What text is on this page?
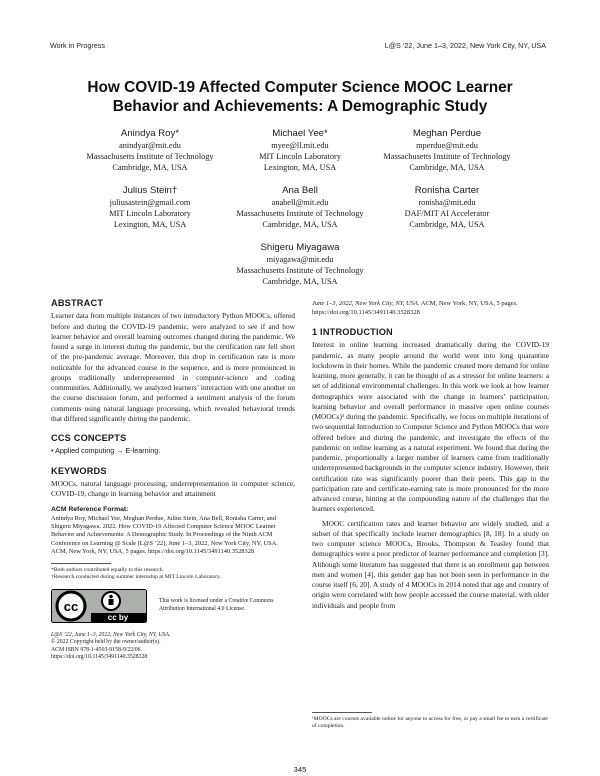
Work in Progress	L@S ’22, June 1–3, 2022, New York City, NY, USA
How COVID-19 Affected Computer Science MOOC Learner Behavior and Achievements: A Demographic Study
Anindya Roy*
anindyar@mit.edu
Massachusetts Institute of Technology
Cambridge, MA, USA
Michael Yee*
myee@ll.mit.edu
MIT Lincoln Laboratory
Lexington, MA, USA
Meghan Perdue
mperdue@mit.edu
Massachusetts Institute of Technology
Cambridge, MA, USA
Julius Stein†
juliusastein@gmail.com
MIT Lincoln Laboratory
Lexington, MA, USA
Ana Bell
anabell@mit.edu
Massachusetts Institute of Technology
Cambridge, MA, USA
Ronisha Carter
ronisha@mit.edu
DAF/MIT AI Accelerator
Cambridge, MA, USA
Shigeru Miyagawa
miyagawa@mit.edu
Massachusetts Institute of Technology
Cambridge, MA, USA
ABSTRACT

Learner data from multiple instances of two introductory Python MOOCs, offered before and during the COVID-19 pandemic, were analyzed to see if and how learner behavior and overall learning outcomes changed during the pandemic. We found a surge in interest during the pandemic, but the certification rate fell short of the pre-pandemic average. Moreover, this drop in certification rate is more noticeable for the advanced course in the sequence, and is more pronounced in groups traditionally underrepresented in computer-science and coding communities. Additionally, we analyzed learners’ interaction with one another on the course discussion forum, and performed a sentiment analysis of the forum comments using natural language processing, which revealed behavioral trends that differed significantly during the pandemic.

CCS CONCEPTS

• Applied computing → E-learning.

KEYWORDS

MOOCs, natural language processing, underrepresentation in computer science, COVID-19, change in learning behavior and attainment

ACM Reference Format:

Anindya Roy, Michael Yee, Meghan Perdue, Julius Stein, Ana Bell, Ronisha Carter, and Shigeru Miyagawa. 2022. How COVID-19 Affected Computer Science MOOC Learner Behavior and Achievements: A Demographic Study. In Proceedings of the Ninth ACM Conference on Learning @ Scale (L@S ’22), June 1–3, 2022, New York City, NY, USA. ACM, New York, NY, USA, 5 pages. https://doi.org/10.1145/3491140.3528328

*Both authors contributed equally to this research.
†Research conducted during summer internship at MIT Lincoln Laboratory.
cc
cc by
This work is licensed under a Creative Commons Attribution International 4.0 License.
L@S ’22, June 1–3, 2022, New York City, NY, USA.
© 2022 Copyright held by the owner/author(s).
ACM ISBN 978-1-4503-9158-9/22/06.
https://doi.org/10.1145/3491140.3528328

June 1–3, 2022, New York City, NY, USA. ACM, New York, NY, USA, 5 pages. https://doi.org/10.1145/3491140.3528328

1 INTRODUCTION

Interest in online learning increased dramatically during the COVID-19 pandemic, as many people around the world went into long quarantine lockdowns in their homes. While the pandemic created more demand for online learning, more generally, it can be thought of as a stressor for online learners: a set of additional environmental challenges. In this work we look at how learner demographics were associated with the change in learners’ participation, learning behavior and overall performance in massive open online courses (MOOCs)¹ during the pandemic. Specifically, we focus on multiple iterations of two sequential Introduction to Computer Science and Python MOOCs that were offered before and during the pandemic, and investigate the effects of the pandemic on online learning as a natural experiment. We found that during the pandemic, proportionally a larger number of learners came from traditionally underrepresented backgrounds in the computer science industry. However, their certification rate was significantly poorer than their peers. This gap in the participation rate and certificate-earning rate is more pronounced for the more advanced course, hinting at the compounding nature of the challenges that the learners experienced.

MOOC certification rates and learner behavior are widely studied, and a subset of that specifically include learner demographics [8, 18]. In a study on two computer science MOOCs, Brooks, Thompson & Teasley found that demographics were a poor predictor of learner performance and completion [3]. Although some literature has suggested that there is an enrollment gap between men and women [4], this gender gap has not been seen in performance in the course itself [6, 20]. A study of 4 MOOCs in 2014 noted that age and country of origin were correlated with how people accessed the course material, with older individuals and people from

¹MOOCs are courses available online for anyone to access for free, or pay a small fee to earn a certificate of completion.
345
